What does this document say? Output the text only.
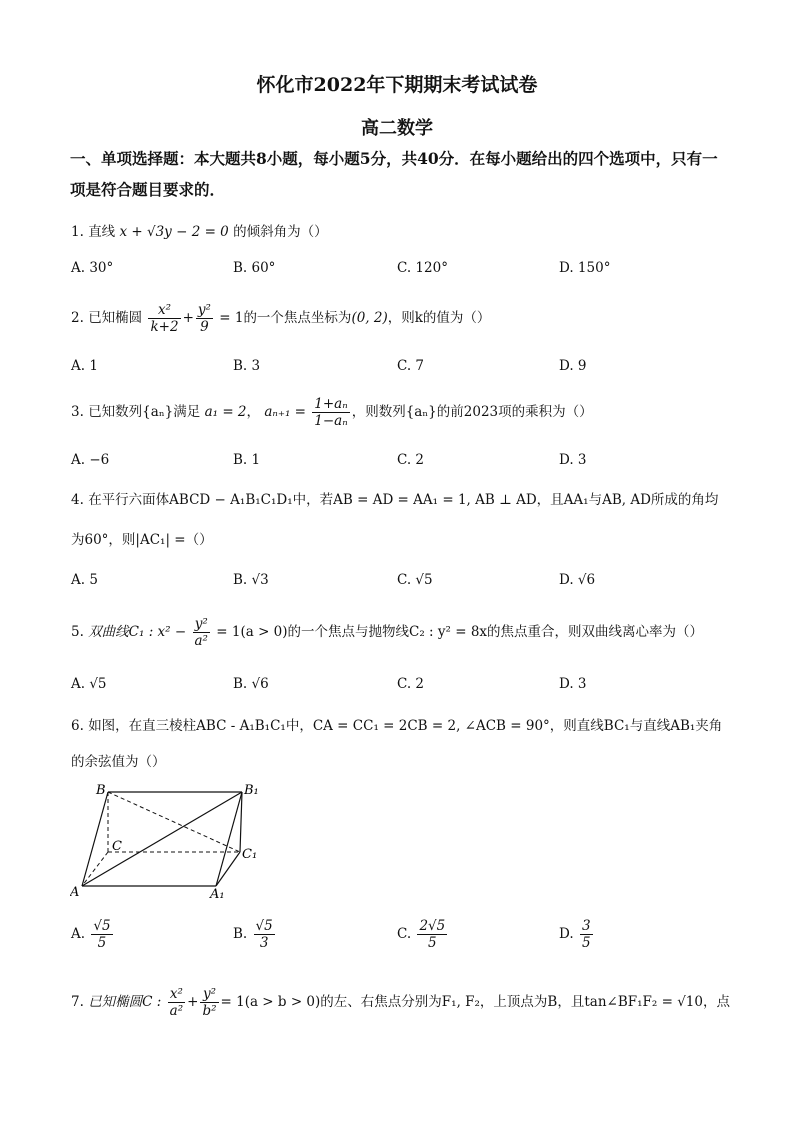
怀化市2022年下期期末考试试卷
高二数学
一、单项选择题：本大题共8小题，每小题5分，共40分．在每小题给出的四个选项中，只有一项是符合题目要求的．
1. 直线 x + √3y − 2 = 0 的倾斜角为（）
A. 30°	B. 60°	C. 120°	D. 150°
2. 已知椭圆 $\frac{\text{x²}}{k+2} + \frac{\text{y²}}{9} = 1$的一个焦点坐标为(0, 2)，则k的值为（）
A. 1	B. 3	C. 7	D. 9
3. 已知数列{aₙ}满足 a₁ = 2， $a_{n+1} = \frac{\text{1+aₙ}}{\text{1−aₙ}}$ ，则数列{aₙ}的前2023项的乘积为（）
A. −6	B. 1	C. 2	D. 3
4. 在平行六面体ABCD − A₁B₁C₁D₁中，若AB = AD = AA₁ = 1, AB ⊥ AD，且AA₁与AB, AD所成的角均
为60°，则|AC₁| =（）
A. 5	B. √3	C. √5	D. √6
5. 双曲线C₁ : $x^2 - \frac{\text{y²}}{\text{a²}} = 1(a > 0)$的一个焦点与抛物线C₂ : y² = 8x的焦点重合，则双曲线离心率为（）
A. √5	B. √6	C. 2	D. 3
6. 如图，在直三棱柱ABC - A₁B₁C₁中，CA = CC₁ = 2CB = 2, ∠ACB = 90°，则直线BC₁与直线AB₁夹角
的余弦值为（）
B	B₁
C
C₁
A	A₁
A. $\frac{√5}{5}$	B. $\frac{√5}{3}$	C. $\frac{2√5}{5}$	D. $\frac{3}{5}$
7. 已知椭圆C : $\frac{\text{x²}}{\text{a²}} + \frac{\text{y²}}{\text{b²}} = 1(a > b > 0)$的左、右焦点分别为F₁, F₂，上顶点为B，且tan∠BF₁F₂ = √10，点
